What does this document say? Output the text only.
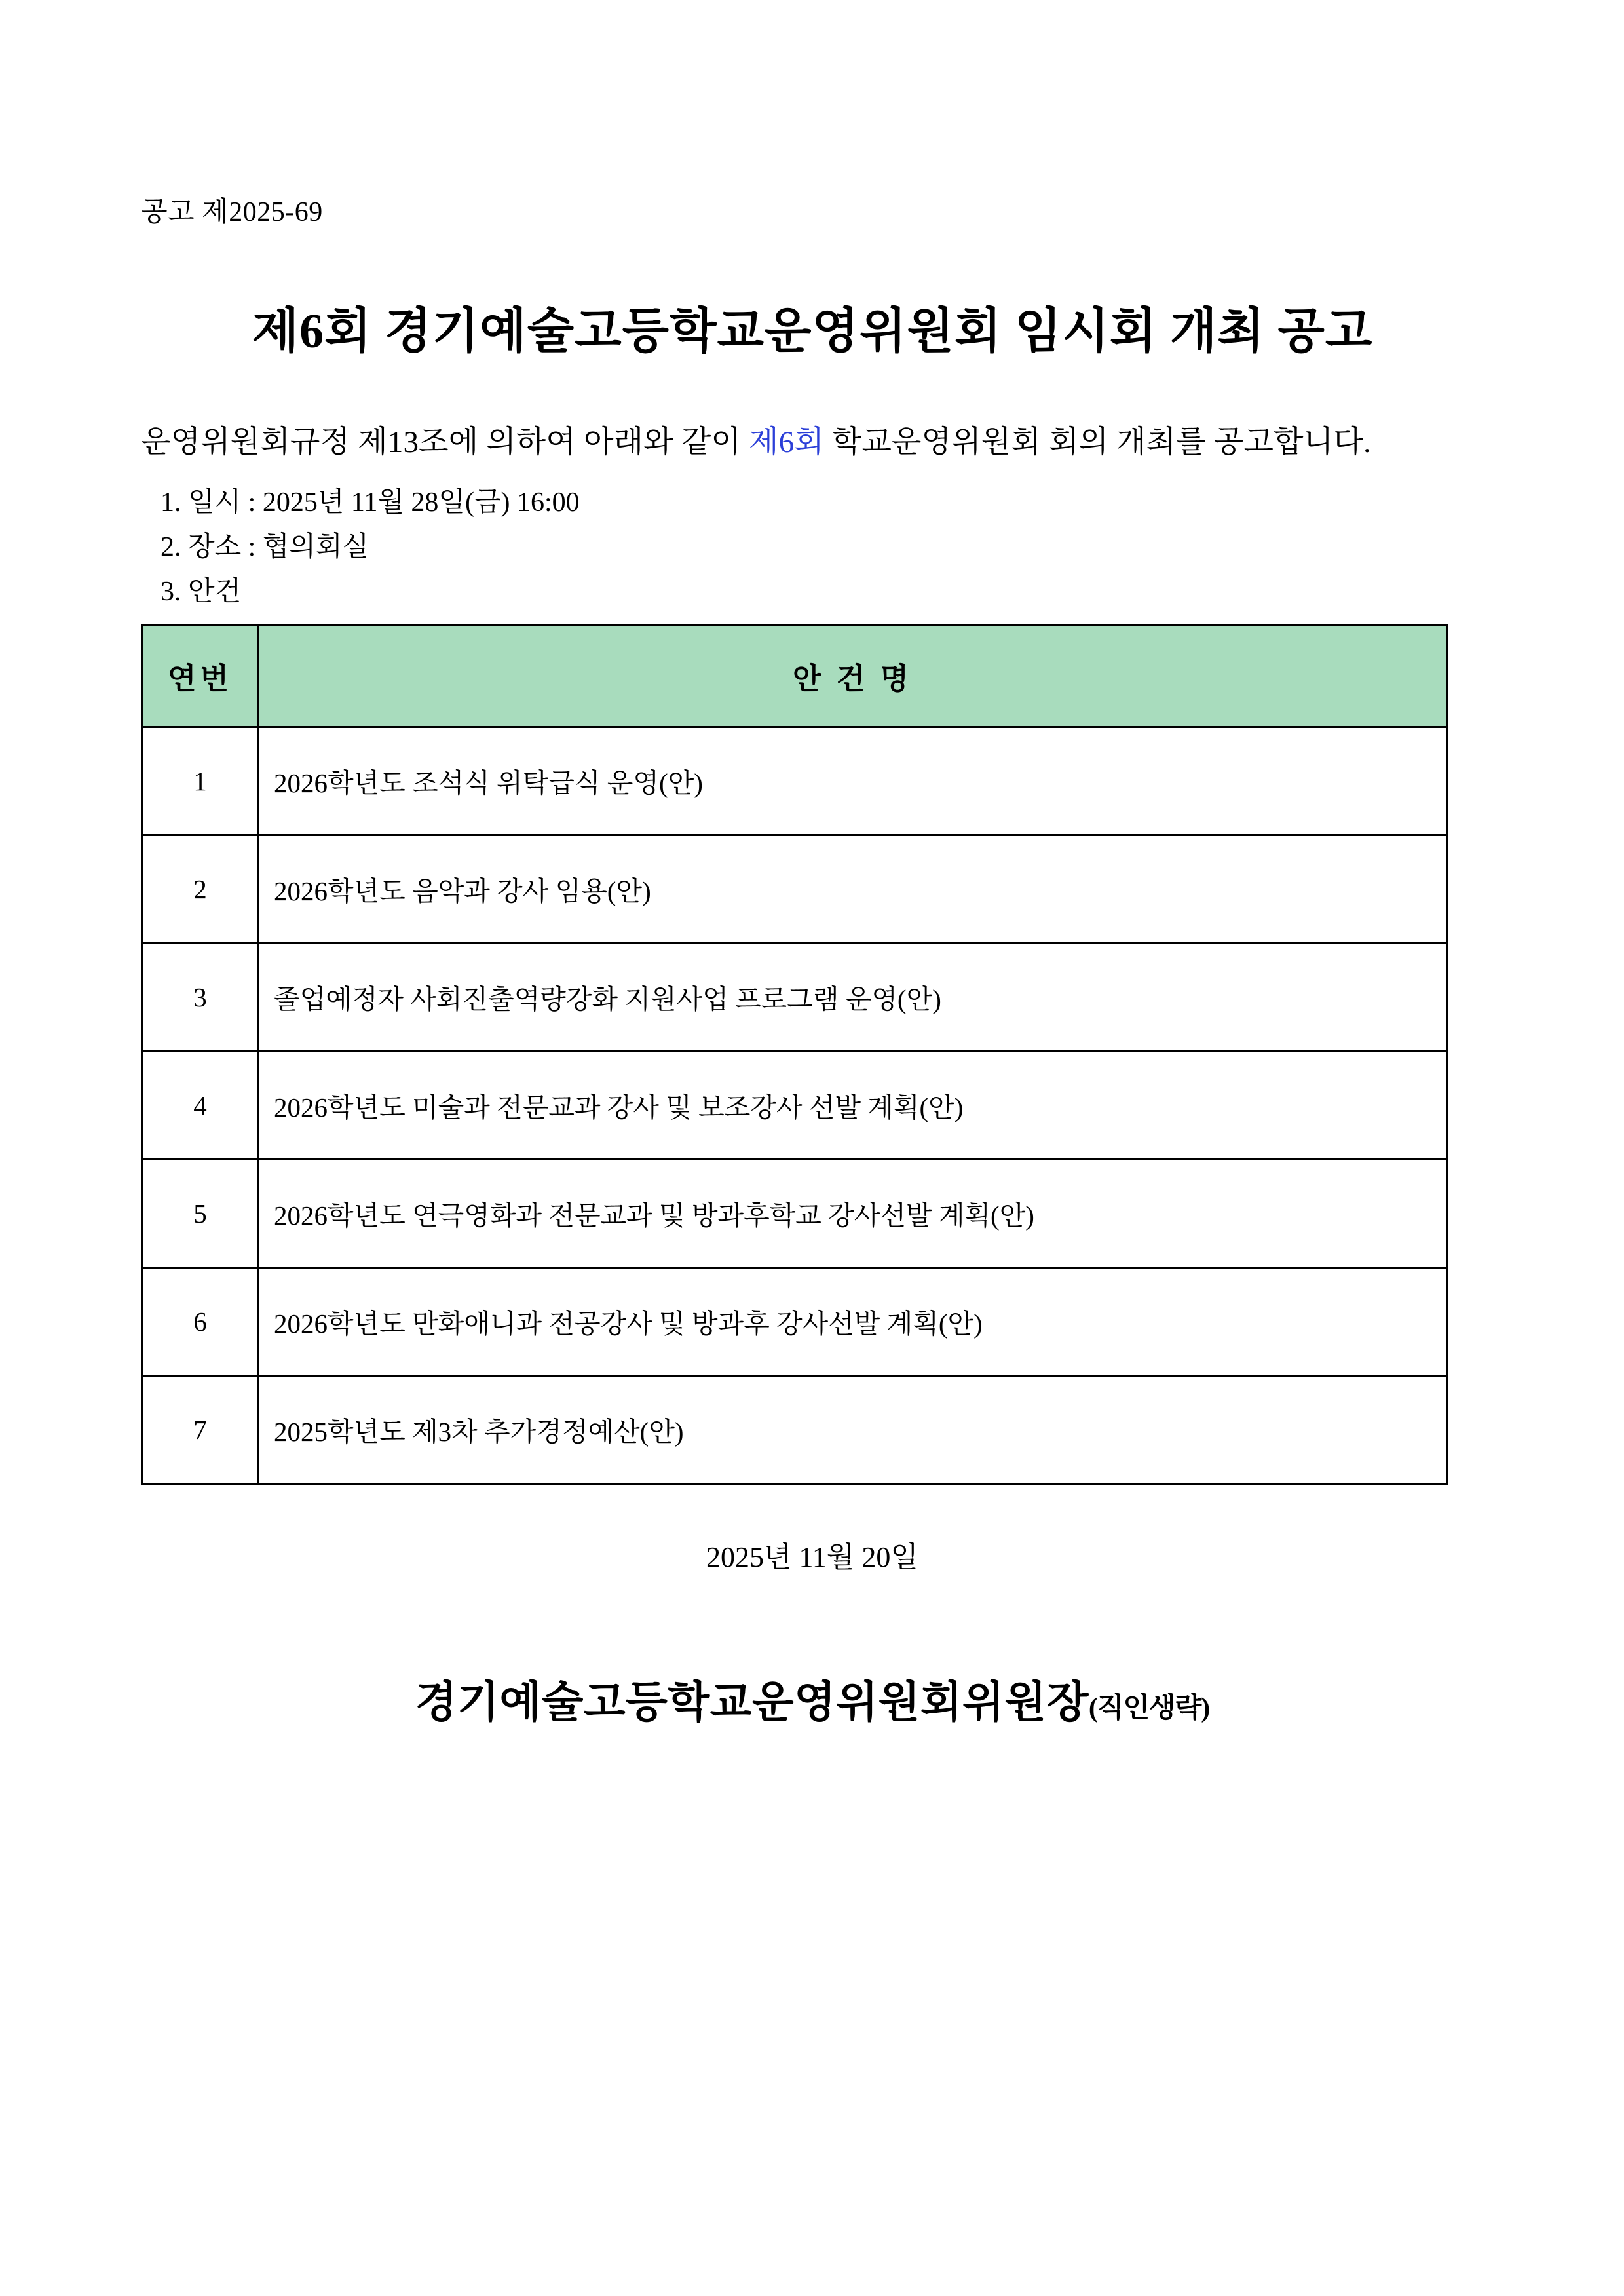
공고 제2025-69
제6회 경기예술고등학교운영위원회 임시회 개최 공고
운영위원회규정 제13조에 의하여 아래와 같이 제6회 학교운영위원회 회의 개최를 공고합니다.
1. 일시 : 2025년 11월 28일(금) 16:00
2. 장소 : 협의회실
3. 안건
연번	안 건 명
1	2026학년도 조석식 위탁급식 운영(안)
2	2026학년도 음악과 강사 임용(안)
3	졸업예정자 사회진출역량강화 지원사업 프로그램 운영(안)
4	2026학년도 미술과 전문교과 강사 및 보조강사 선발 계획(안)
5	2026학년도 연극영화과 전문교과 및 방과후학교 강사선발 계획(안)
6	2026학년도 만화애니과 전공강사 및 방과후 강사선발 계획(안)
7	2025학년도 제3차 추가경정예산(안)
2025년 11월 20일
경기예술고등학교운영위원회위원장(직인생략)
